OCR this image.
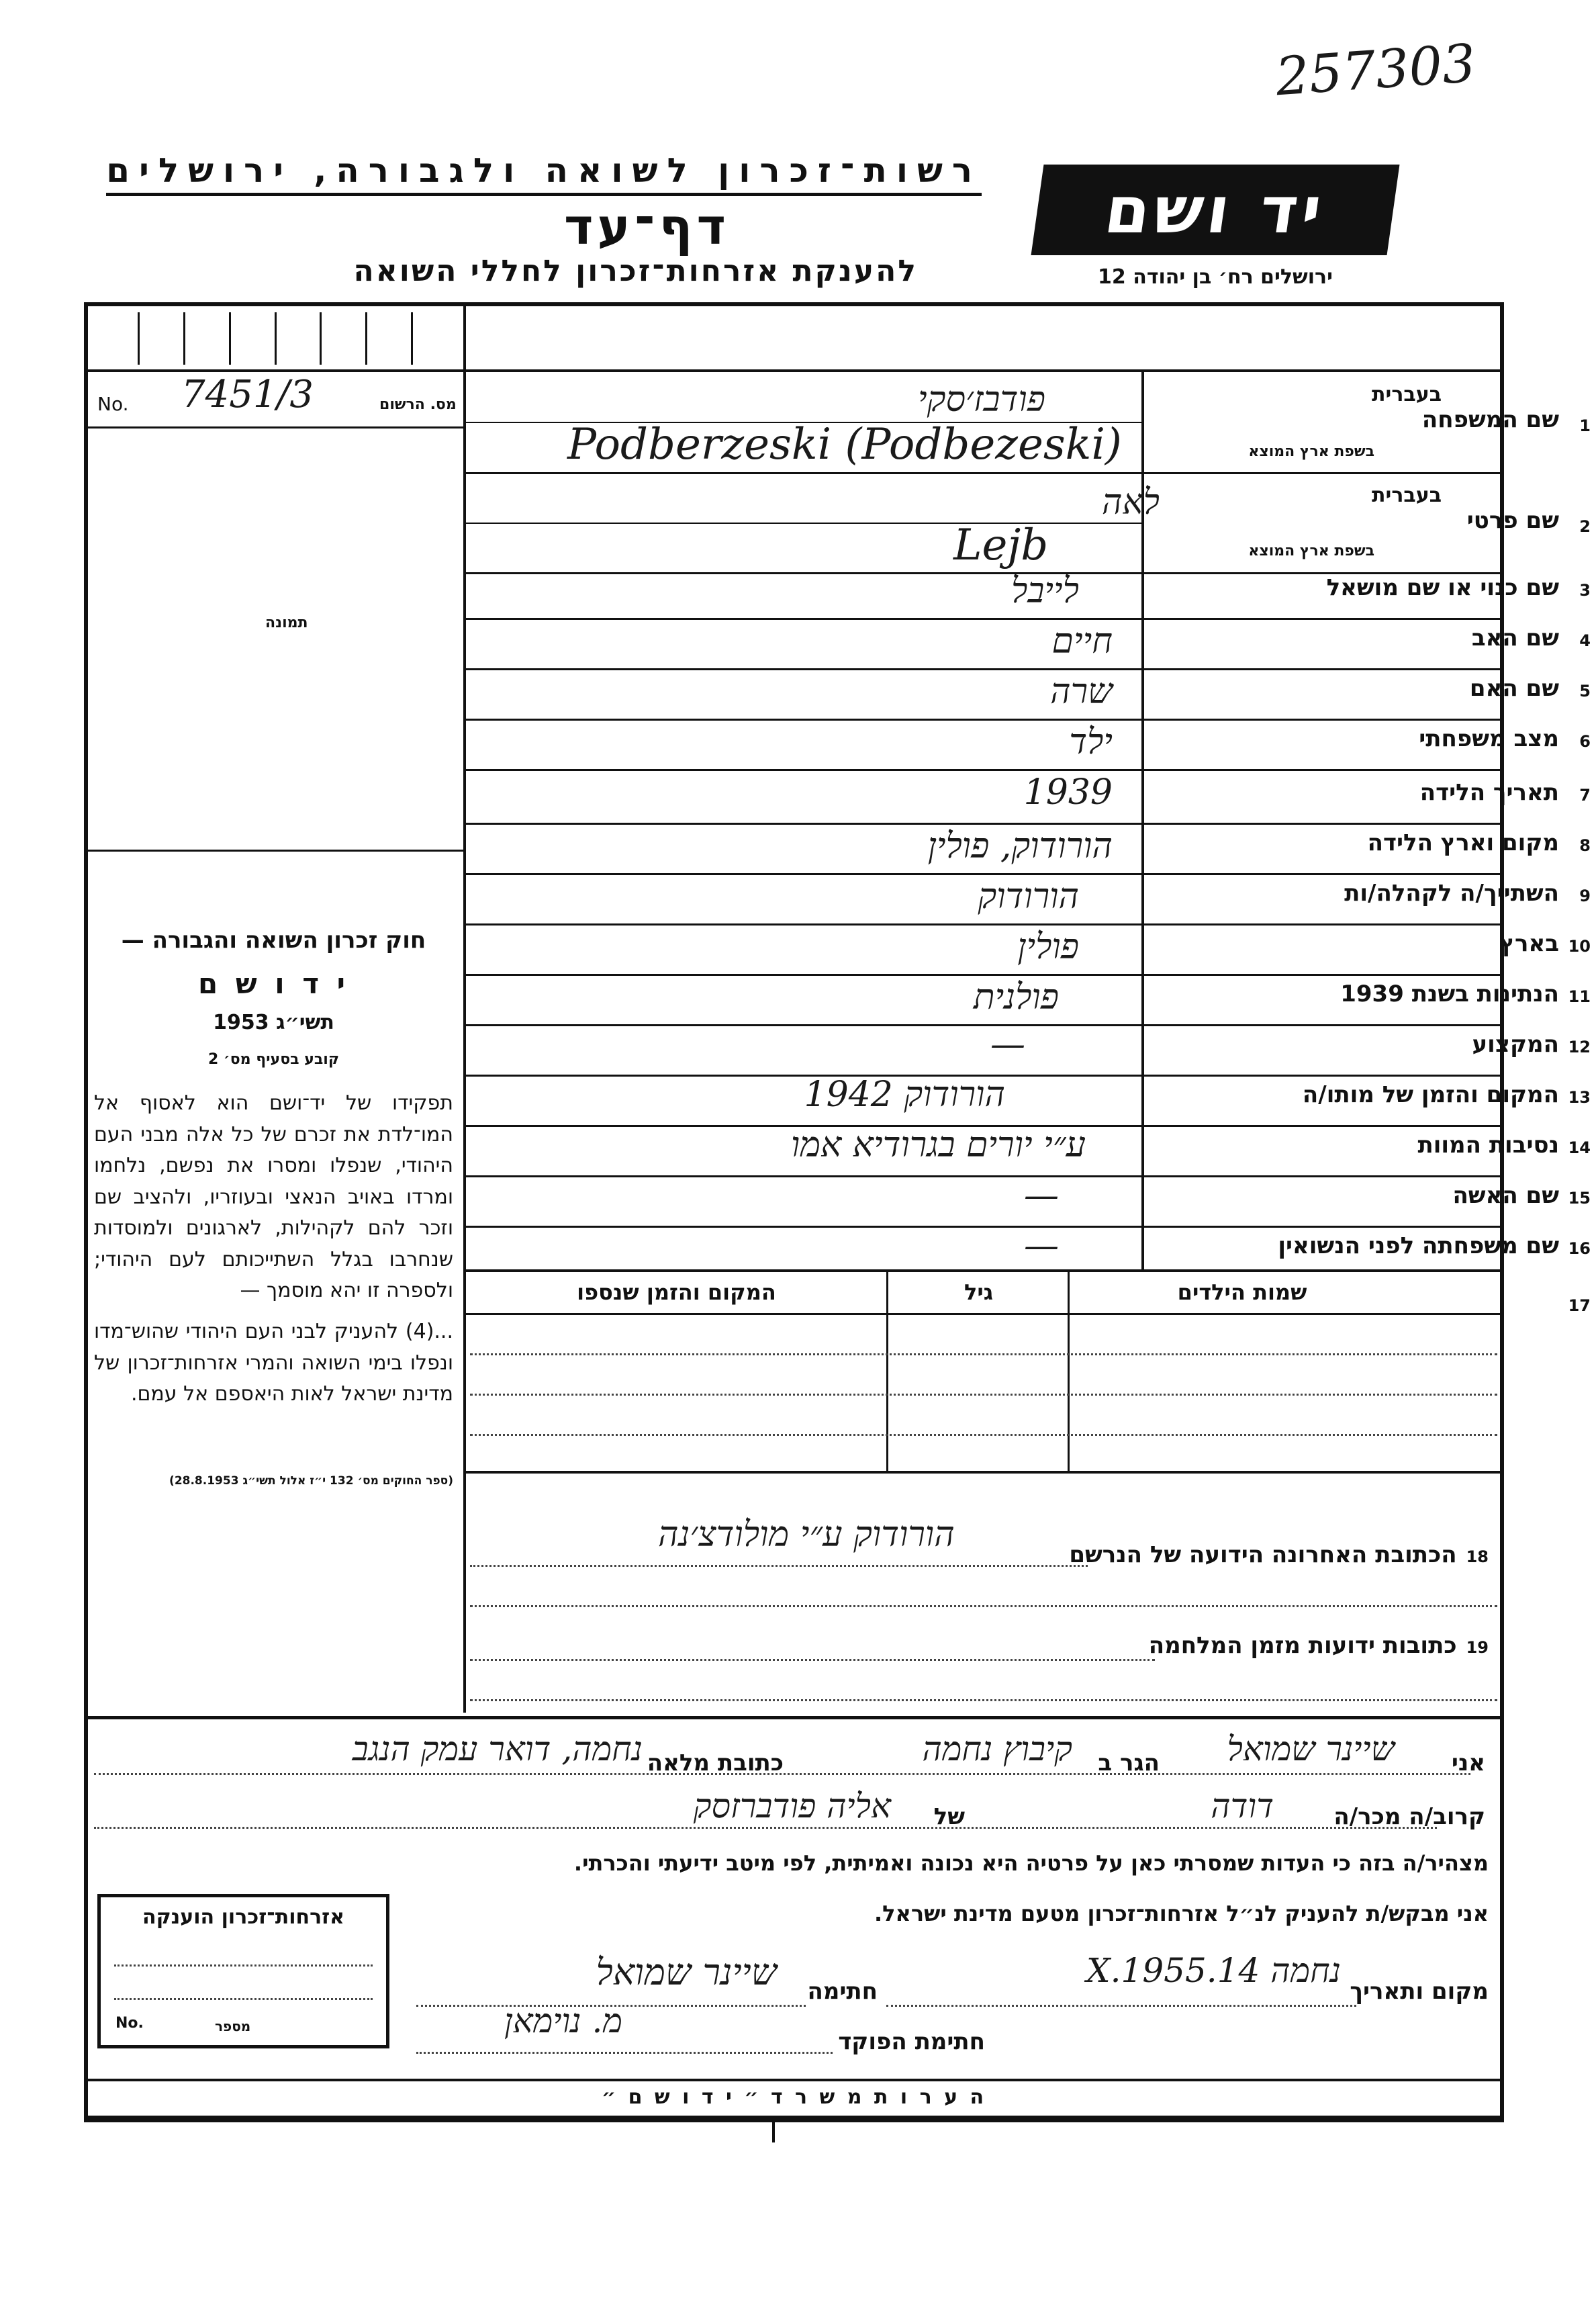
257303
רשות־זכרון לשואה ולגבורה, ירושלים
דף־עד
להענקת אזרחות־זכרון לחללי השואה
יד ושם
ירושלים רח׳ בן יהודה 12
No. 7451/3	מס. הרשום
תמונה
חוק זכרון השואה והגבורה —
י ד ו ש ם
תשי״ג 1953
קובע בסעיף מס׳ 2
תפקידו של יד־ושם הוא לאסוף אל המו־לדת את זכרם של כל אלה מבני העם היהודי, שנפלו ומסרו את נפשם, נלחמו ומרדו באויב הנאצי ובעוזריו, ולהציב שם וזכר להם לקהילות, לארגונים ולמוסדות שנחרבו בגלל השתייכותם לעם היהודי; ולספרה זו יהא מוסמך —
...(4) להעניק לבני העם היהודי שהוש־מדו ונפלו בימי השואה והמרי אזרחות־זכרון של מדינת ישראל לאות היאספם אל עמם.
(ספר החוקים מס׳ 132 י״ז אלול תשי״ג 28.8.1953)
1
שם המשפחה
בעברית
בשפת ארץ המוצא
פודבז׳סקי
Podberzeski (Podbezeski)
2
שם פרטי
בעברית
בשפת ארץ המוצא
לאה
Lejb
3
שם כנוי או שם מושאל
לייבל
4
שם האב
חיים
5
שם האם
שרה
6
מצב משפחתי
ילד
7
תאריך הלידה
1939
8
מקום וארץ הלידה
הורודוק, פולין
9
השתייך/ה לקהלה/ות
הורודוק
10
בארץ
פולין
11
הנתינות בשנת 1939
פולנית
12
המקצוע
—
13
המקום והזמן של מותו/ה
הורודוק 1942
14
נסיבות המוות
ע״י יורים בגרודיא אמו
15
שם האשה
—
16
שם משפחתה לפני הנשואין
—
17
שמות הילדים
גיל
המקום והזמן שנספו
18הכתובת האחרונה הידועה של הנרשם
הורודוק ע״י מולודצ׳נה
19כתובות ידועות מזמן המלחמה
אני
שיינר שמואל
הגר ב
קיבוץ נחמה
כתובת מלאה
נחמה, דואר עמק הנגב
קרוב/ה מכר/ה
דודה
של
אליה פודברזסק
מצהיר/ה בזה כי העדות שמסרתי כאן על פרטיה היא נכונה ואמיתית, לפי מיטב ידיעתי והכרתי.
אני מבקש/ת להעניק לנ״ל אזרחות־זכרון מטעם מדינת ישראל.
מקום ותאריך
נחמה 14.X.1955
חתימה
שיינר שמואל
חתימת הפוקד
מ. נוימאן
אזרחות־זכרון הוענקה
No.	מספר
ה ע ר ו ת מ ש ר ד ״ י ד ו ש ם ״
